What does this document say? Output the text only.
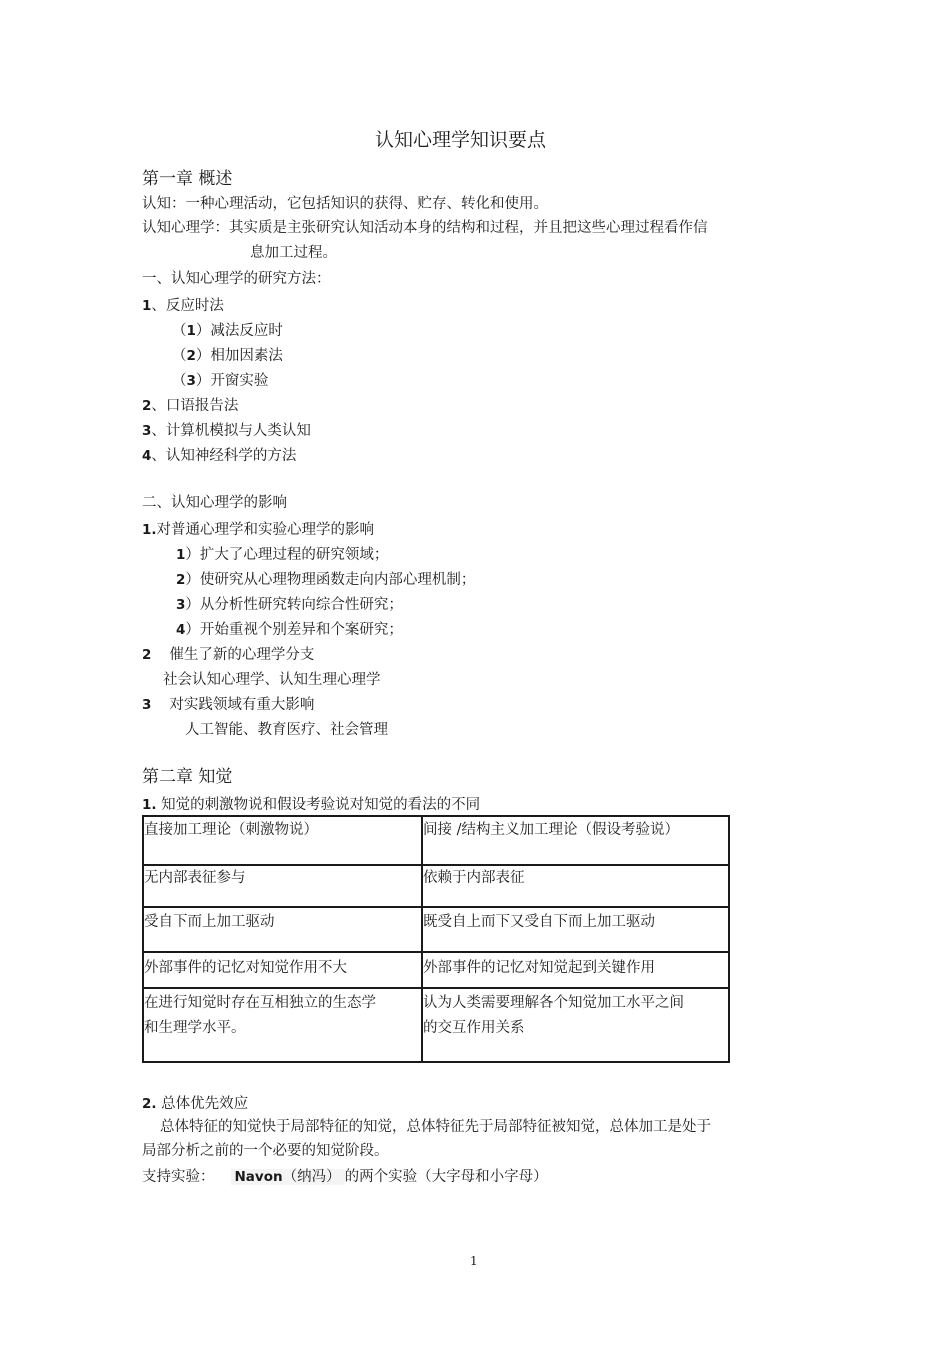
认知心理学知识要点
第一章 概述
认知：一种心理活动，它包括知识的获得、贮存、转化和使用。
认知心理学：其实质是主张研究认知活动本身的结构和过程，并且把这些心理过程看作信
息加工过程。
一、认知心理学的研究方法：
1、反应时法
（1）减法反应时
（2）相加因素法
（3）开窗实验
2、口语报告法
3、计算机模拟与人类认知
4、认知神经科学的方法
二、认知心理学的影响
1.对普通心理学和实验心理学的影响
1）扩大了心理过程的研究领域；
2）使研究从心理物理函数走向内部心理机制；
3）从分析性研究转向综合性研究；
4）开始重视个别差异和个案研究；
2 催生了新的心理学分支
社会认知心理学、认知生理心理学
3 对实践领域有重大影响
人工智能、教育医疗、社会管理
第二章 知觉
1. 知觉的刺激物说和假设考验说对知觉的看法的不同
直接加工理论（刺激物说）	间接 /结构主义加工理论（假设考验说）
无内部表征参与	依赖于内部表征
受自下而上加工驱动	既受自上而下又受自下而上加工驱动
外部事件的记忆对知觉作用不大	外部事件的记忆对知觉起到关键作用
在进行知觉时存在互相独立的生态学	认为人类需要理解各个知觉加工水平之间
和生理学水平。	的交互作用关系
2. 总体优先效应
总体特征的知觉快于局部特征的知觉，总体特征先于局部特征被知觉，总体加工是处于
局部分析之前的一个必要的知觉阶段。
支持实验： Navon（纳冯） 的两个实验（大字母和小字母）
1
